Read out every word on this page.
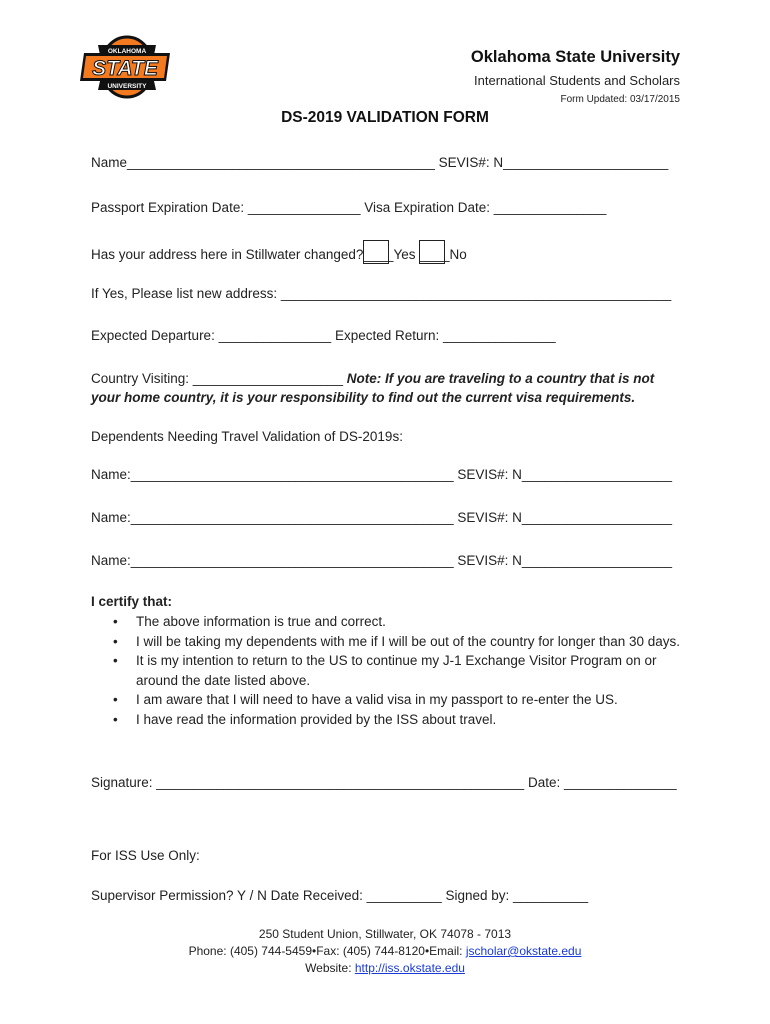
OKLAHOMA
STATE
UNIVERSITY
Oklahoma State University
International Students and Scholars
Form Updated: 03/17/2015
DS-2019 VALIDATION FORM
Name_________________________________________ SEVIS#: N______________________
Passport Expiration Date: _______________ Visa Expiration Date: _______________
Has your address here in Stillwater changed?____Yes ____No
If Yes, Please list new address: ____________________________________________________
Expected Departure: _______________ Expected Return: _______________
Country Visiting: ____________________ Note: If you are traveling to a country that is not
your home country, it is your responsibility to find out the current visa requirements.
Dependents Needing Travel Validation of DS-2019s:
Name:___________________________________________ SEVIS#: N____________________
Name:___________________________________________ SEVIS#: N____________________
Name:___________________________________________ SEVIS#: N____________________
I certify that:
• The above information is true and correct.
• I will be taking my dependents with me if I will be out of the country for longer than 30 days.
• It is my intention to return to the US to continue my J-1 Exchange Visitor Program on or around the date listed above.
• I am aware that I will need to have a valid visa in my passport to re-enter the US.
• I have read the information provided by the ISS about travel.
Signature: _________________________________________________ Date: _______________
For ISS Use Only:
Supervisor Permission? Y / N Date Received: __________ Signed by: __________
250 Student Union, Stillwater, OK 74078 - 7013
Phone: (405) 744-5459•Fax: (405) 744-8120•Email: jscholar@okstate.edu
Website: http://iss.okstate.edu
